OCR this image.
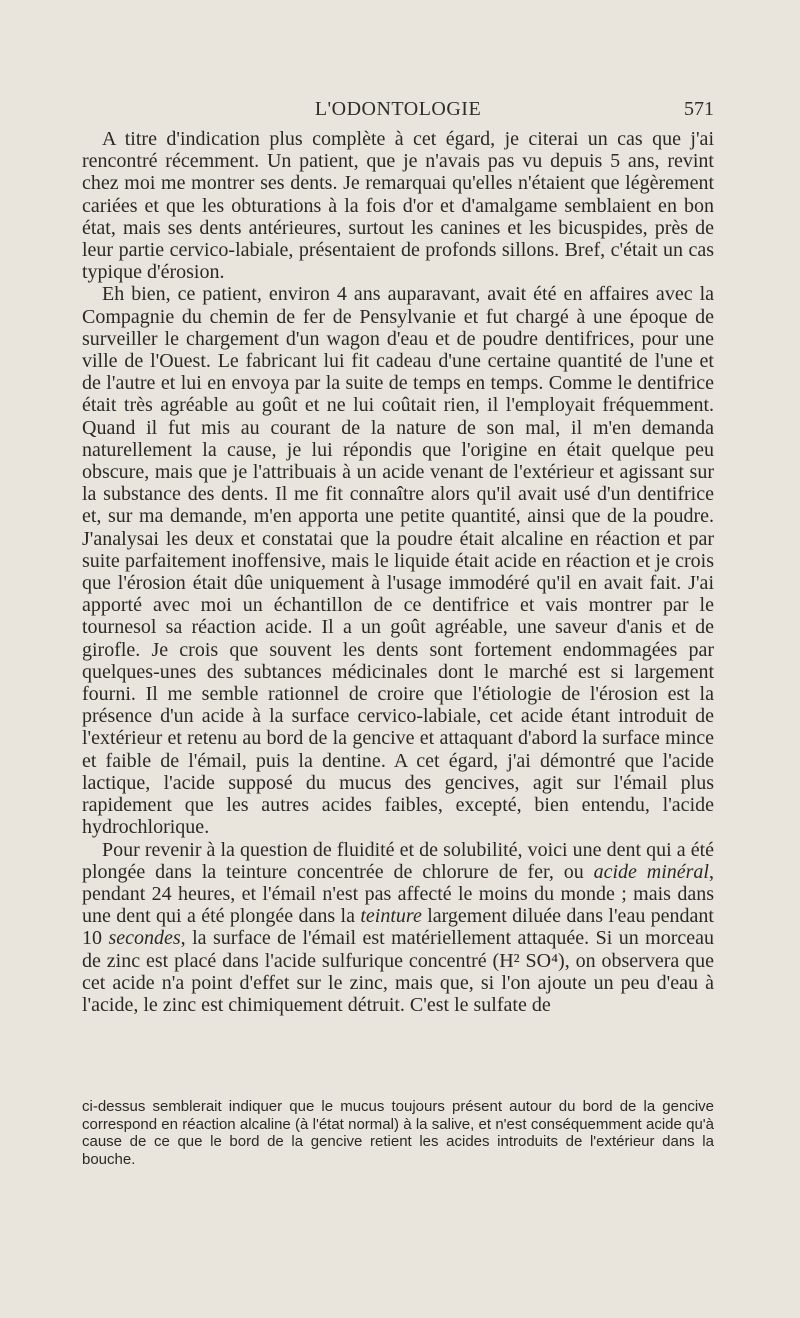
L'ODONTOLOGIE	571

A titre d'indication plus complète à cet égard, je citerai un cas que j'ai rencontré récemment. Un patient, que je n'avais pas vu depuis 5 ans, revint chez moi me montrer ses dents. Je remarquai qu'elles n'étaient que légèrement cariées et que les obturations à la fois d'or et d'amalgame semblaient en bon état, mais ses dents antérieures, surtout les canines et les bicuspides, près de leur partie cervico-labiale, présentaient de profonds sillons. Bref, c'était un cas typique d'érosion.

Eh bien, ce patient, environ 4 ans auparavant, avait été en affaires avec la Compagnie du chemin de fer de Pensylvanie et fut chargé à une époque de surveiller le chargement d'un wagon d'eau et de poudre dentifrices, pour une ville de l'Ouest. Le fabricant lui fit cadeau d'une certaine quantité de l'une et de l'autre et lui en envoya par la suite de temps en temps. Comme le dentifrice était très agréable au goût et ne lui coûtait rien, il l'employait fréquemment. Quand il fut mis au courant de la nature de son mal, il m'en demanda naturellement la cause, je lui répondis que l'origine en était quelque peu obscure, mais que je l'attribuais à un acide venant de l'extérieur et agissant sur la substance des dents. Il me fit connaître alors qu'il avait usé d'un dentifrice et, sur ma demande, m'en apporta une petite quantité, ainsi que de la poudre. J'analysai les deux et constatai que la poudre était alcaline en réaction et par suite parfaitement inoffensive, mais le liquide était acide en réaction et je crois que l'érosion était dûe uniquement à l'usage immodéré qu'il en avait fait. J'ai apporté avec moi un échantillon de ce dentifrice et vais montrer par le tournesol sa réaction acide. Il a un goût agréable, une saveur d'anis et de girofle. Je crois que souvent les dents sont fortement endommagées par quelques-unes des subtances médicinales dont le marché est si largement fourni. Il me semble rationnel de croire que l'étiologie de l'érosion est la présence d'un acide à la surface cervico-labiale, cet acide étant introduit de l'extérieur et retenu au bord de la gencive et attaquant d'abord la surface mince et faible de l'émail, puis la dentine. A cet égard, j'ai démontré que l'acide lactique, l'acide supposé du mucus des gencives, agit sur l'émail plus rapidement que les autres acides faibles, excepté, bien entendu, l'acide hydrochlorique.

Pour revenir à la question de fluidité et de solubilité, voici une dent qui a été plongée dans la teinture concentrée de chlorure de fer, ou acide minéral, pendant 24 heures, et l'émail n'est pas affecté le moins du monde ; mais dans une dent qui a été plongée dans la teinture largement diluée dans l'eau pendant 10 secondes, la surface de l'émail est matériellement attaquée. Si un morceau de zinc est placé dans l'acide sulfurique concentré (H² SO⁴), on observera que cet acide n'a point d'effet sur le zinc, mais que, si l'on ajoute un peu d'eau à l'acide, le zinc est chimiquement détruit. C'est le sulfate de

ci-dessus semblerait indiquer que le mucus toujours présent autour du bord de la gencive correspond en réaction alcaline (à l'état normal) à la salive, et n'est conséquemment acide qu'à cause de ce que le bord de la gencive retient les acides introduits de l'extérieur dans la bouche.
